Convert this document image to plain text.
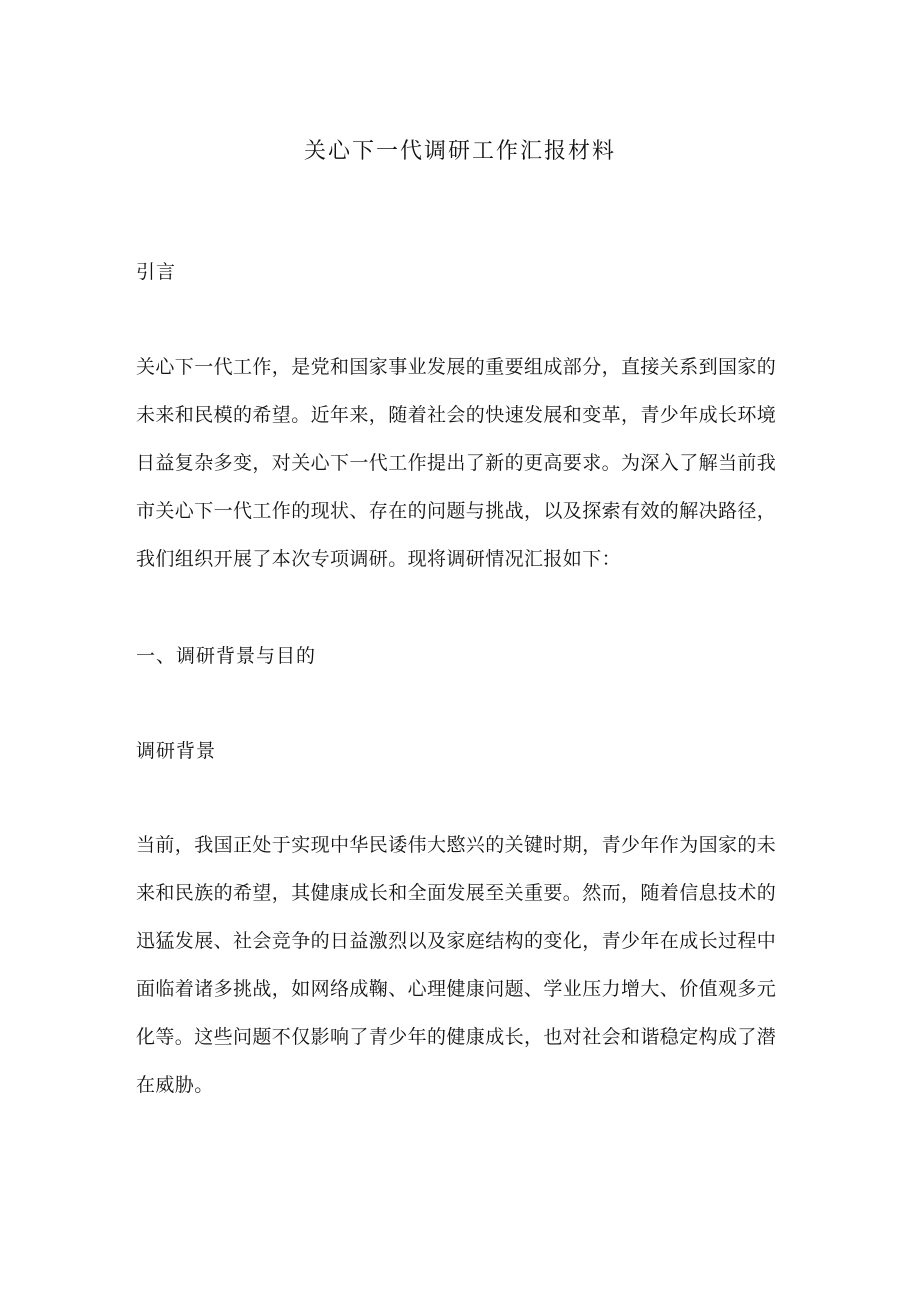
关心下一代调研工作汇报材料
引言
关心下一代工作，是党和国家事业发展的重要组成部分，直接关系到国家的
未来和民模的希望。近年来，随着社会的快速发展和变革，青少年成长环境
日益复杂多变，对关心下一代工作提出了新的更高要求。为深入了解当前我
市关心下一代工作的现状、存在的问题与挑战，以及探索有效的解决路径，
我们组织开展了本次专项调研。现将调研情况汇报如下：
一、调研背景与目的
调研背景
当前，我国正处于实现中华民诿伟大愍兴的关键时期，青少年作为国家的未
来和民族的希望，其健康成长和全面发展至关重要。然而，随着信息技术的
迅猛发展、社会竞争的日益激烈以及家庭结构的变化，青少年在成长过程中
面临着诸多挑战，如网络成鞠、心理健康问题、学业压力增大、价值观多元
化等。这些问题不仅影响了青少年的健康成长，也对社会和谐稳定构成了潜
在威胁。
